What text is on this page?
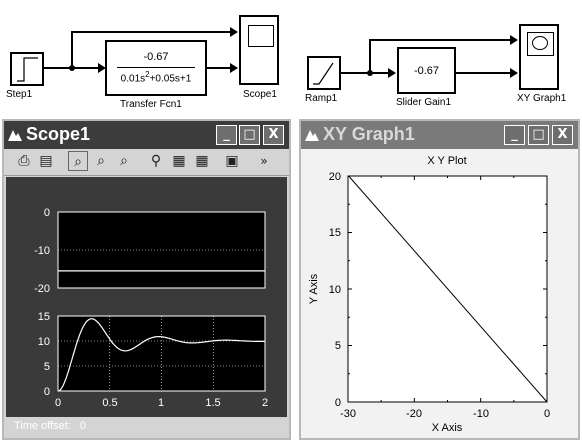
Step1
-0.67
$0.01s^2+0.05s+1$
Transfer Fcn1
Scope1	Ramp1
-0.67
Slider Gain1	XY Graph1
Scope1	_	□ X
⎙ ▤	⌕	⌕	⌕	⚲ ▦ ▦ ▣	»
0
-10
-20
15
10
5
0
0	0.5	1	1.5	2
Time offset: 0
XY Graph1	_	□ X
X Y Plot
20
15
10
5
0
-30	-20	-10	0
X Axis
Y Axis
